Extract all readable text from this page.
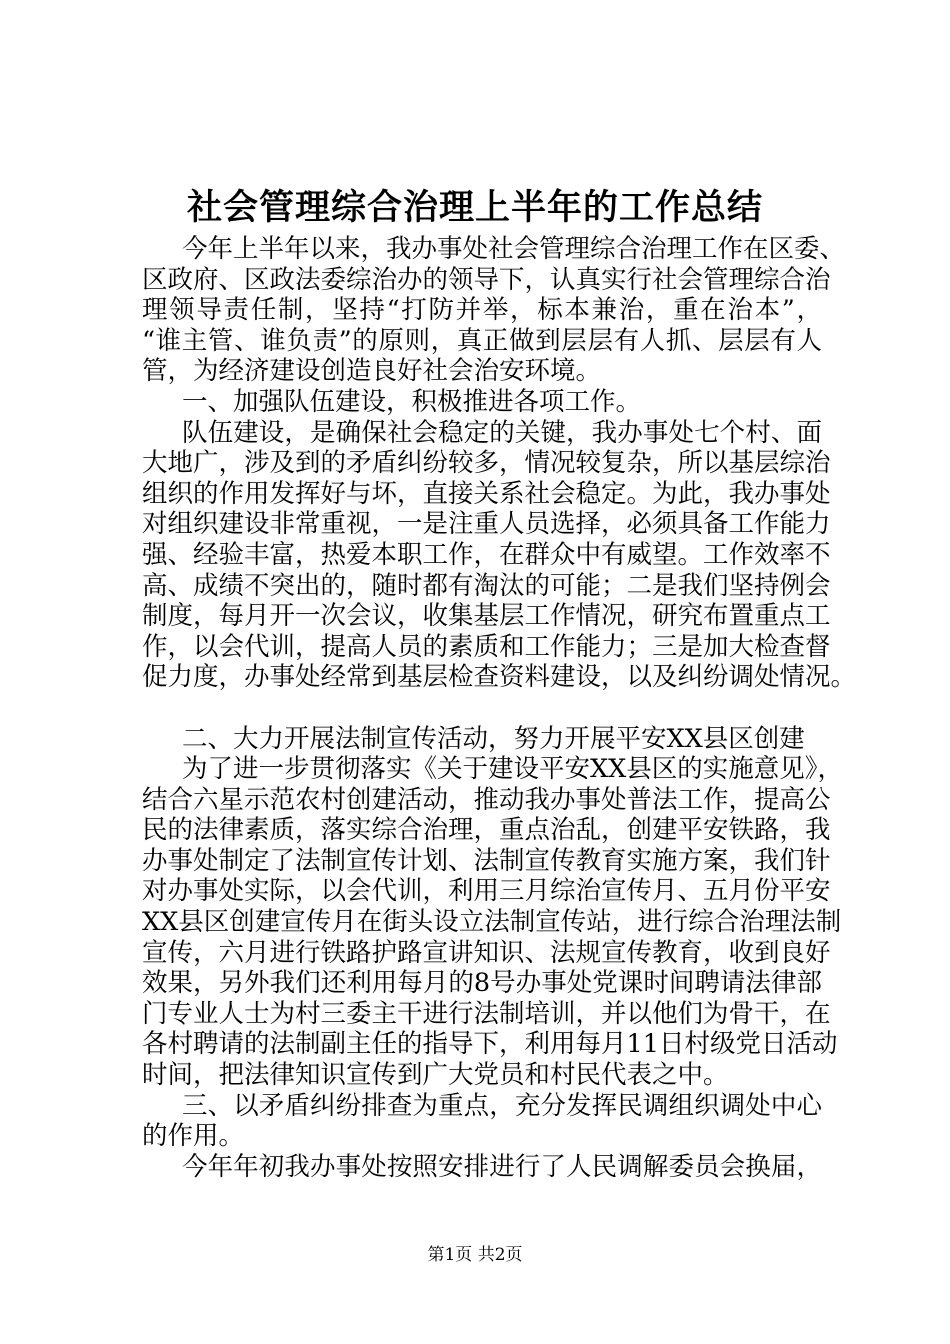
社会管理综合治理上半年的工作总结
今年上半年以来，我办事处社会管理综合治理工作在区委、
区政府、区政法委综治办的领导下，认真实行社会管理综合治
理领导责任制，坚持“打防并举，标本兼治，重在治本”，
“谁主管、谁负责”的原则，真正做到层层有人抓、层层有人
管，为经济建设创造良好社会治安环境。
一、加强队伍建设，积极推进各项工作。
队伍建设，是确保社会稳定的关键，我办事处七个村、面
大地广，涉及到的矛盾纠纷较多，情况较复杂，所以基层综治
组织的作用发挥好与坏，直接关系社会稳定。为此，我办事处
对组织建设非常重视，一是注重人员选择，必须具备工作能力
强、经验丰富，热爱本职工作，在群众中有威望。工作效率不
高、成绩不突出的，随时都有淘汰的可能；二是我们坚持例会
制度，每月开一次会议，收集基层工作情况，研究布置重点工
作，以会代训，提高人员的素质和工作能力；三是加大检查督
促力度，办事处经常到基层检查资料建设，以及纠纷调处情况。
二、大力开展法制宣传活动，努力开展平安XX县区创建
为了进一步贯彻落实《关于建设平安XX县区的实施意见》，
结合六星示范农村创建活动，推动我办事处普法工作，提高公
民的法律素质，落实综合治理，重点治乱，创建平安铁路，我
办事处制定了法制宣传计划、法制宣传教育实施方案，我们针
对办事处实际，以会代训，利用三月综治宣传月、五月份平安
XX县区创建宣传月在街头设立法制宣传站，进行综合治理法制
宣传，六月进行铁路护路宣讲知识、法规宣传教育，收到良好
效果，另外我们还利用每月的8号办事处党课时间聘请法律部
门专业人士为村三委主干进行法制培训，并以他们为骨干，在
各村聘请的法制副主任的指导下，利用每月11日村级党日活动
时间，把法律知识宣传到广大党员和村民代表之中。
三、以矛盾纠纷排查为重点，充分发挥民调组织调处中心
的作用。
今年年初我办事处按照安排进行了人民调解委员会换届，
第1页 共2页
